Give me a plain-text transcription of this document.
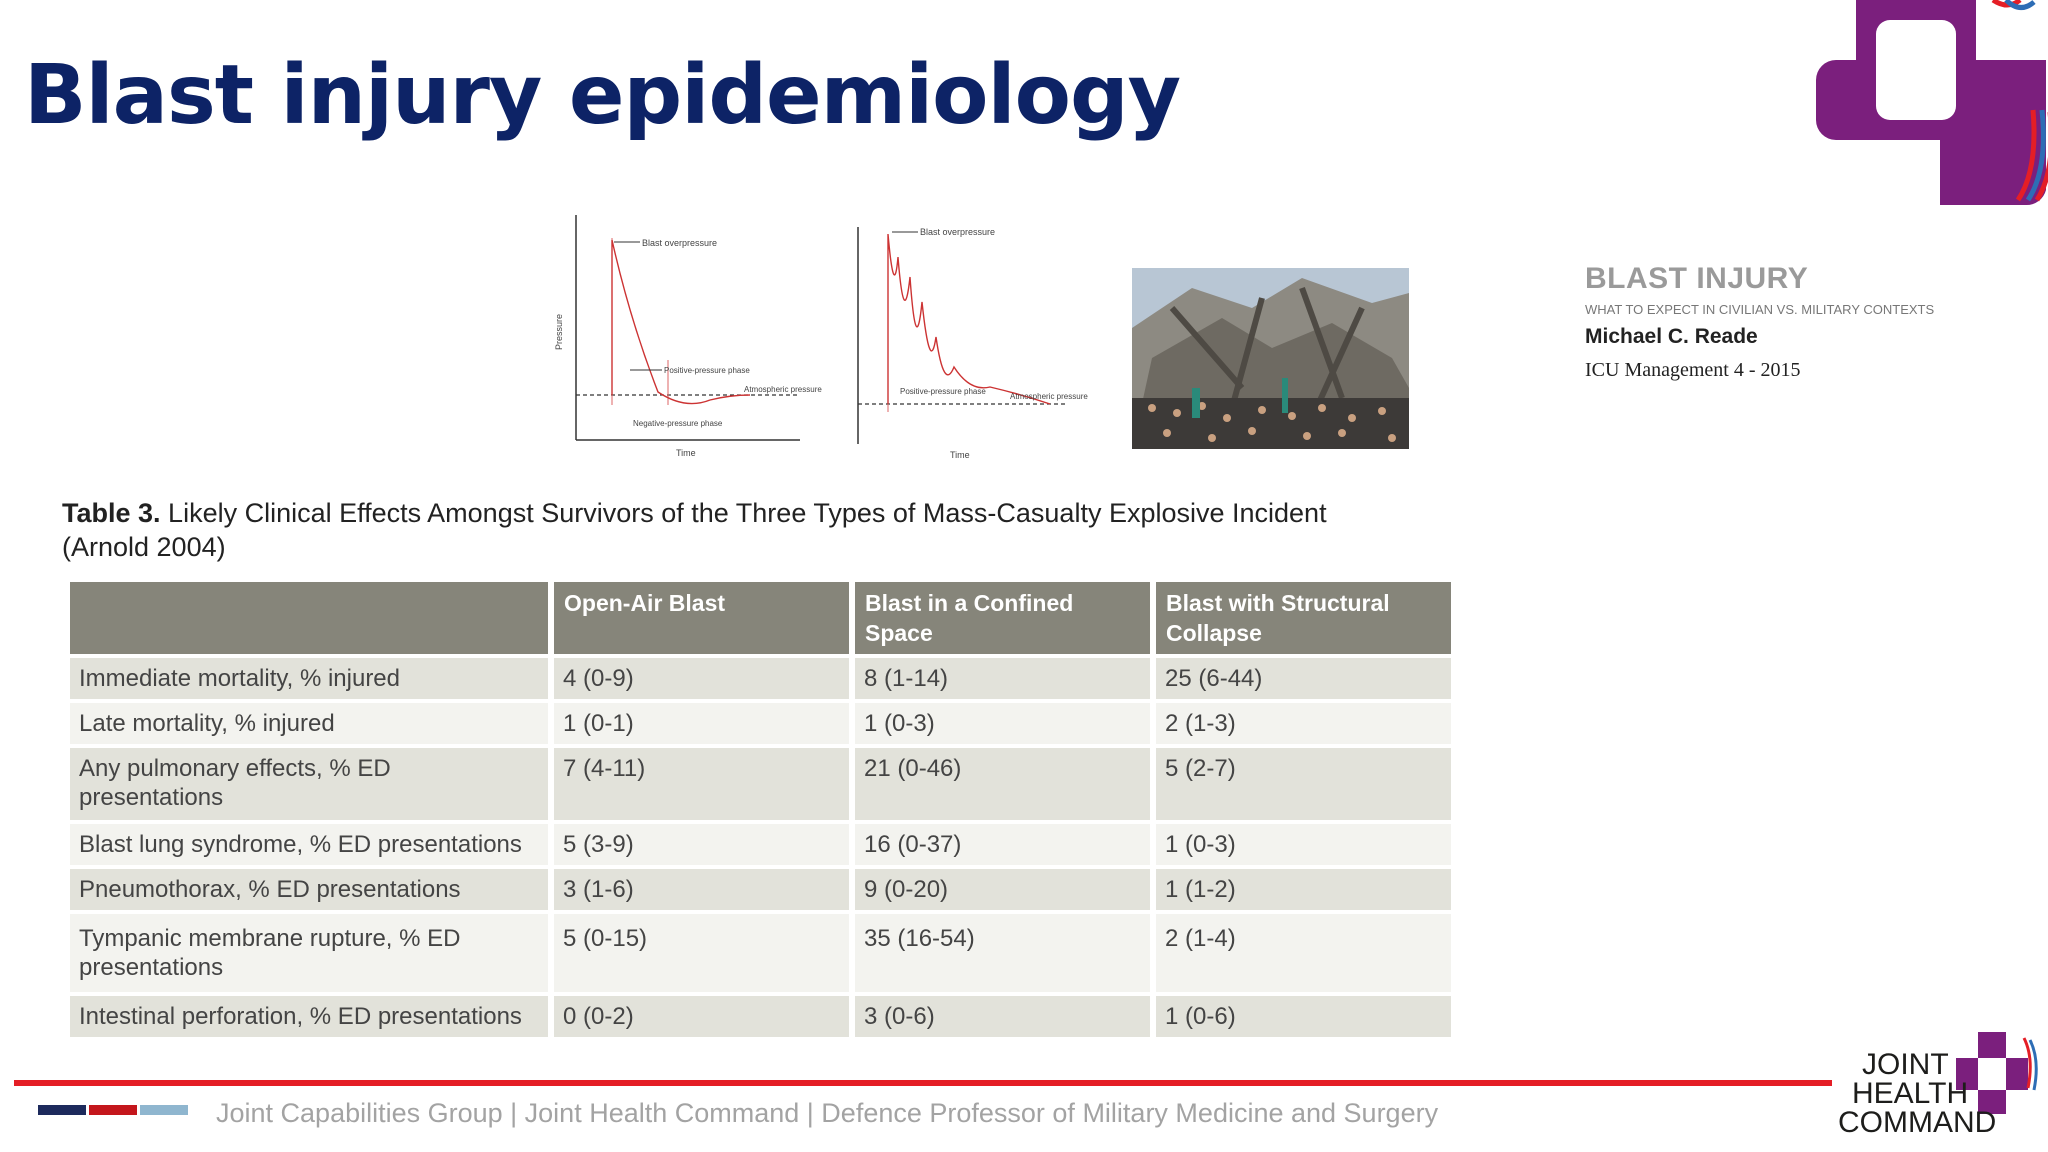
Blast injury epidemiology
Blast overpressure
Positive-pressure phase
Atmospheric pressure
Negative-pressure phase
Pressure
Time
Blast overpressure
Positive-pressure phase
Atmospheric pressure
Time

BLAST INJURY

WHAT TO EXPECT IN CIVILIAN VS. MILITARY CONTEXTS

Michael C. Reade

ICU Management 4 - 2015

Table 3. Likely Clinical Effects Amongst Survivors of the Three Types of Mass-Casualty Explosive Incident (Arnold 2004)
	Open-Air Blast	Blast in a Confined Space	Blast with Structural Collapse
Immediate mortality, % injured	4 (0-9)	8 (1-14)	25 (6-44)
Late mortality, % injured	1 (0-1)	1 (0-3)	2 (1-3)
Any pulmonary effects, % ED presentations	7 (4-11)	21 (0-46)	5 (2-7)
Blast lung syndrome, % ED presentations	5 (3-9)	16 (0-37)	1 (0-3)
Pneumothorax, % ED presentations	3 (1-6)	9 (0-20)	1 (1-2)
Tympanic membrane rupture, % ED presentations	5 (0-15)	35 (16-54)	2 (1-4)
Intestinal perforation, % ED presentations	0 (0-2)	3 (0-6)	1 (0-6)
Joint Capabilities Group | Joint Health Command | Defence Professor of Military Medicine and Surgery
JOINT
HEALTH
COMMAND
